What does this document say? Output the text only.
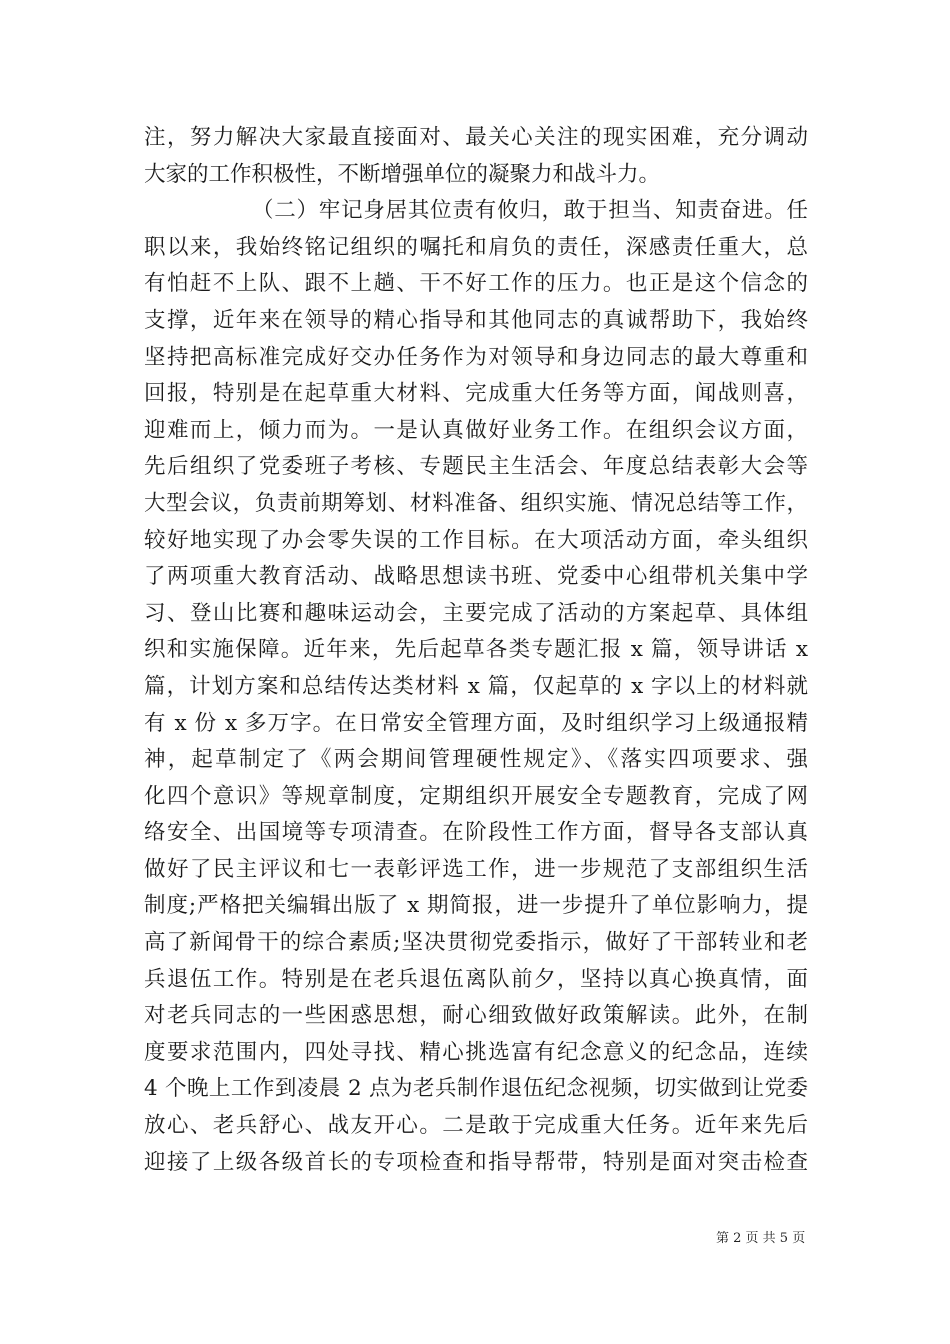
注，努力解决大家最直接面对、最关心关注的现实困难，充分调动
大家的工作积极性，不断增强单位的凝聚力和战斗力。
（二）牢记身居其位责有攸归，敢于担当、知责奋进。任
职以来，我始终铭记组织的嘱托和肩负的责任，深感责任重大，总
有怕赶不上队、跟不上趟、干不好工作的压力。也正是这个信念的
支撑，近年来在领导的精心指导和其他同志的真诚帮助下，我始终
坚持把高标准完成好交办任务作为对领导和身边同志的最大尊重和
回报，特别是在起草重大材料、完成重大任务等方面，闻战则喜，
迎难而上，倾力而为。一是认真做好业务工作。在组织会议方面，
先后组织了党委班子考核、专题民主生活会、年度总结表彰大会等
大型会议，负责前期筹划、材料准备、组织实施、情况总结等工作，
较好地实现了办会零失误的工作目标。在大项活动方面，牵头组织
了两项重大教育活动、战略思想读书班、党委中心组带机关集中学
习、登山比赛和趣味运动会，主要完成了活动的方案起草、具体组
织和实施保障。近年来，先后起草各类专题汇报 x 篇，领导讲话 x
篇，计划方案和总结传达类材料 x 篇，仅起草的 x 字以上的材料就
有 x 份 x 多万字。在日常安全管理方面，及时组织学习上级通报精
神，起草制定了《两会期间管理硬性规定》、《落实四项要求、强
化四个意识》等规章制度，定期组织开展安全专题教育，完成了网
络安全、出国境等专项清查。在阶段性工作方面，督导各支部认真
做好了民主评议和七一表彰评选工作，进一步规范了支部组织生活
制度;严格把关编辑出版了 x 期简报，进一步提升了单位影响力，提
高了新闻骨干的综合素质;坚决贯彻党委指示，做好了干部转业和老
兵退伍工作。特别是在老兵退伍离队前夕，坚持以真心换真情，面
对老兵同志的一些困惑思想，耐心细致做好政策解读。此外，在制
度要求范围内，四处寻找、精心挑选富有纪念意义的纪念品，连续
4 个晚上工作到凌晨 2 点为老兵制作退伍纪念视频，切实做到让党委
放心、老兵舒心、战友开心。二是敢于完成重大任务。近年来先后
迎接了上级各级首长的专项检查和指导帮带，特别是面对突击检查
第 2 页 共 5 页
